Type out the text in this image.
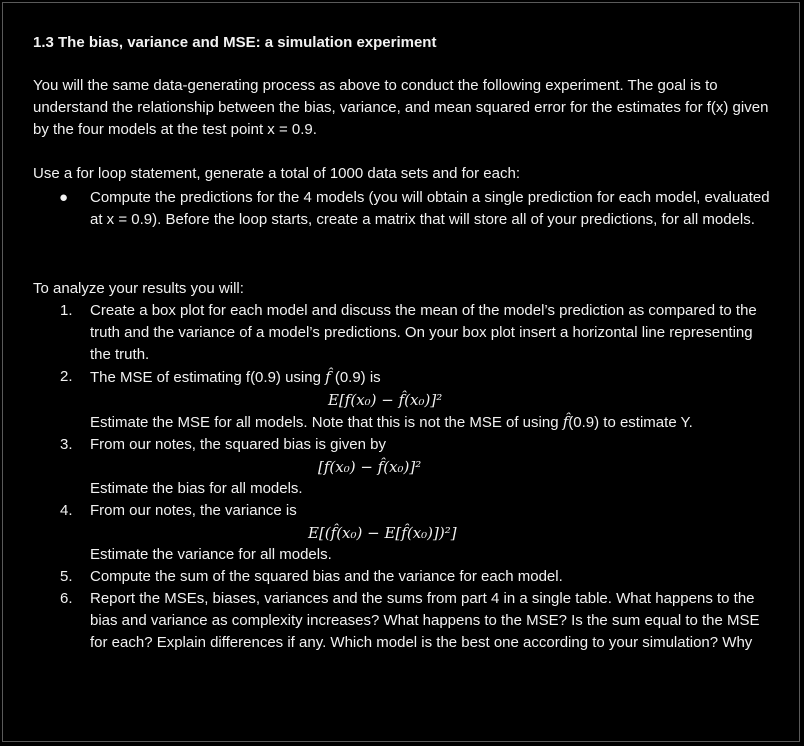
1.3 The bias, variance and MSE: a simulation experiment
You will the same data-generating process as above to conduct the following experiment. The goal is to understand the relationship between the bias, variance, and mean squared error for the estimates for f(x) given by the four models at the test point x = 0.9.
Use a for loop statement, generate a total of 1000 data sets and for each:
● Compute the predictions for the 4 models (you will obtain a single prediction for each model, evaluated at x = 0.9). Before the loop starts, create a matrix that will store all of your predictions, for all models.
To analyze your results you will:
1. Create a box plot for each model and discuss the mean of the model’s prediction as compared to the truth and the variance of a model’s predictions. On your box plot insert a horizontal line representing the truth.
2. The MSE of estimating f(0.9) using f̂ (0.9) is
E[f(x₀) − f̂(x₀)]²
Estimate the MSE for all models. Note that this is not the MSE of using f̂(0.9) to estimate Y.
3. From our notes, the squared bias is given by
[f(x₀) − f̂(x₀)]²
Estimate the bias for all models.
4. From our notes, the variance is
E[(f̂(x₀) − E[f̂(x₀)])²]
Estimate the variance for all models.
5. Compute the sum of the squared bias and the variance for each model.
6. Report the MSEs, biases, variances and the sums from part 4 in a single table. What happens to the bias and variance as complexity increases? What happens to the MSE? Is the sum equal to the MSE for each? Explain differences if any. Which model is the best one according to your simulation? Why
